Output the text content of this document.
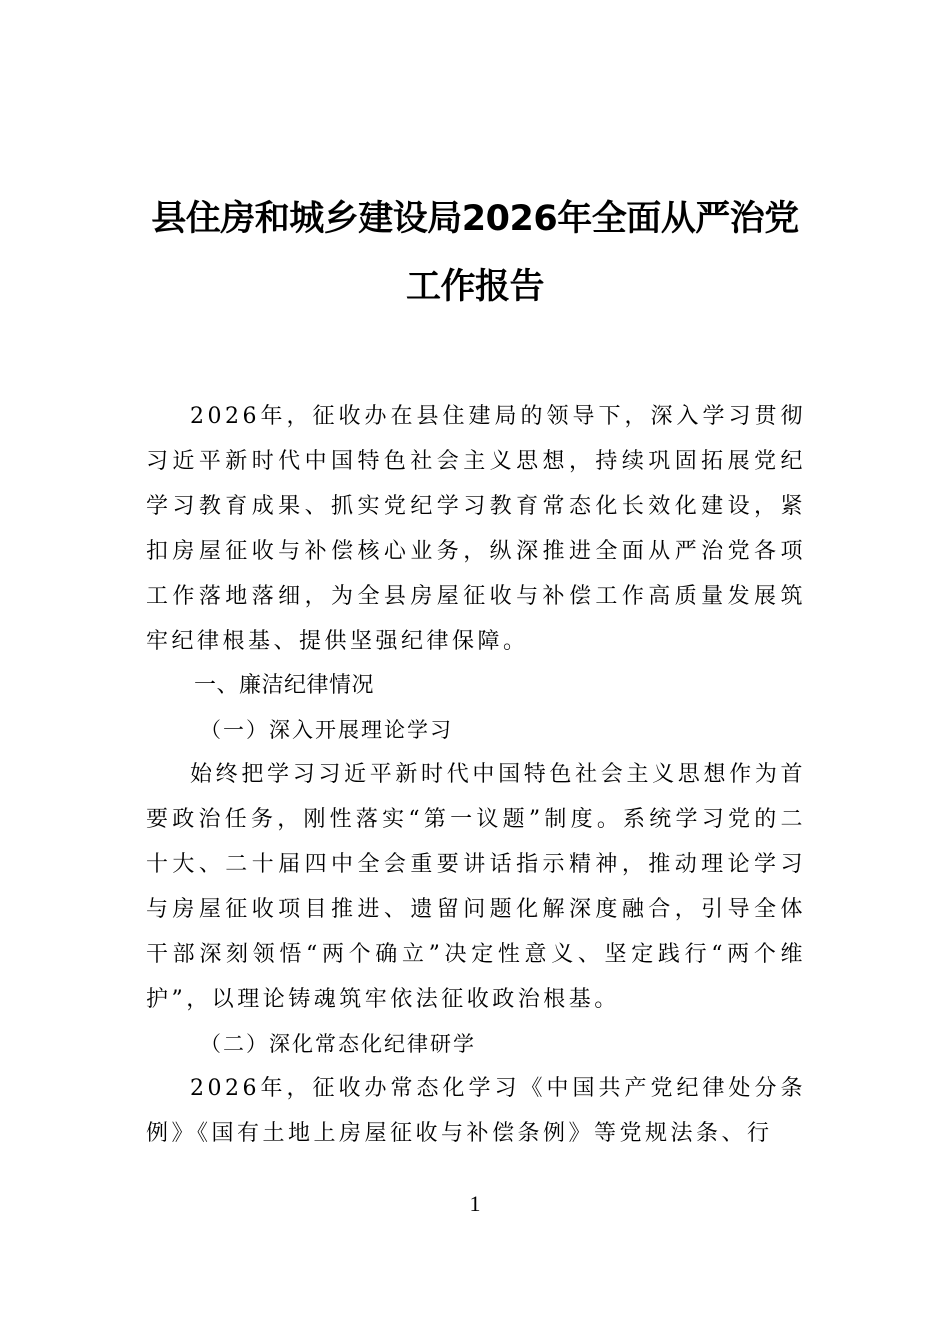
县住房和城乡建设局2026年全面从严治党
工作报告

2026年，征收办在县住建局的领导下，深入学习贯彻习近平新时代中国特色社会主义思想，持续巩固拓展党纪学习教育成果、抓实党纪学习教育常态化长效化建设，紧扣房屋征收与补偿核心业务，纵深推进全面从严治党各项工作落地落细，为全县房屋征收与补偿工作高质量发展筑牢纪律根基、提供坚强纪律保障。

一、廉洁纪律情况

（一）深入开展理论学习

始终把学习习近平新时代中国特色社会主义思想作为首要政治任务，刚性落实“第一议题”制度。系统学习党的二十大、二十届四中全会重要讲话指示精神，推动理论学习与房屋征收项目推进、遗留问题化解深度融合，引导全体干部深刻领悟“两个确立”决定性意义、坚定践行“两个维护”，以理论铸魂筑牢依法征收政治根基。

（二）深化常态化纪律研学

2026年，征收办常态化学习《中国共产党纪律处分条例》《国有土地上房屋征收与补偿条例》等党规法条、行

1
